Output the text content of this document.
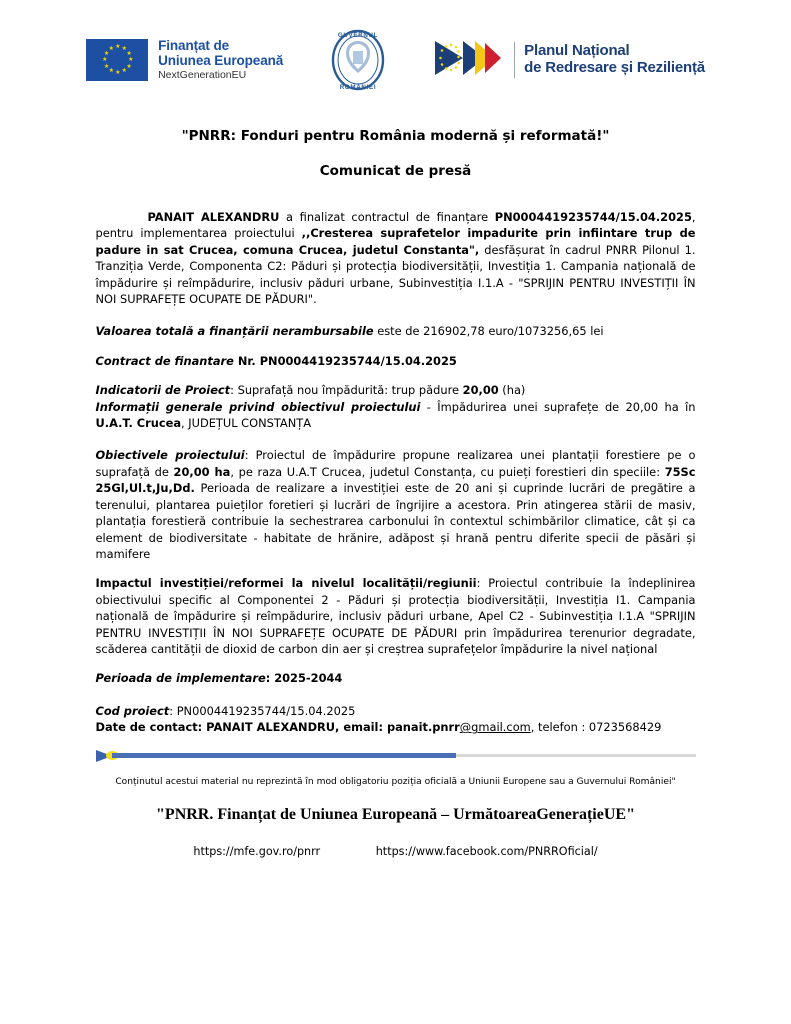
★
★
★
★
★
★
★
★
★
★
★
★
Finanțat de
Uniunea Europeană
NextGenerationEU
GUVERNUL
ROMÂNIEI
Planul Național
de Redresare și Reziliență
"PNRR: Fonduri pentru România modernă și reformată!"
Comunicat de presă

PANAIT ALEXANDRU a finalizat contractul de finanțare PN0004419235744/15.04.2025, pentru implementarea proiectului ,,Cresterea suprafetelor impadurite prin infiintare trup de padure in sat Crucea, comuna Crucea, judetul Constanta", desfășurat în cadrul PNRR Pilonul 1. Tranziția Verde, Componenta C2: Păduri și protecția biodiversității, Investiția 1. Campania națională de împădurire și reîmpădurire, inclusiv păduri urbane, Subinvestiția I.1.A - "SPRIJIN PENTRU INVESTIȚII ÎN NOI SUPRAFEȚE OCUPATE DE PĂDURI".

Valoarea totală a finanțării nerambursabile este de 216902,78 euro/1073256,65 lei

Contract de finantare Nr. PN0004419235744/15.04.2025

Indicatorii de Proiect: Suprafață nou împădurită: trup pădure 20,00 (ha)

Informații generale privind obiectivul proiectului - Împădurirea unei suprafețe de 20,00 ha în U.A.T. Crucea, JUDEȚUL CONSTANȚA

Obiectivele proiectului: Proiectul de împădurire propune realizarea unei plantații forestiere pe o suprafață de 20,00 ha, pe raza U.A.T Crucea, judetul Constanța, cu puieți forestieri din speciile: 75Sc 25Gl,Ul.t,Ju,Dd. Perioada de realizare a investiției este de 20 ani și cuprinde lucrări de pregătire a terenului, plantarea puieților foretieri și lucrări de îngrijire a acestora. Prin atingerea stării de masiv, plantația forestieră contribuie la sechestrarea carbonului în contextul schimbărilor climatice, cât și ca element de biodiversitate - habitate de hrănire, adăpost și hrană pentru diferite specii de păsări și mamifere

Impactul investiției/reformei la nivelul localității/regiunii: Proiectul contribuie la îndeplinirea obiectivului specific al Componentei 2 - Păduri și protecția biodiversității, Investiția I1. Campania națională de împădurire și reîmpădurire, inclusiv păduri urbane, Apel C2 - Subinvestiția I.1.A "SPRIJIN PENTRU INVESTIȚII ÎN NOI SUPRAFEȚE OCUPATE DE PĂDURI prin împădurirea terenurior degradate, scăderea cantității de dioxid de carbon din aer și creștrea suprafețelor împădurire la nivel național

Perioada de implementare: 2025-2044

Cod proiect: PN0004419235744/15.04.2025

Date de contact: PANAIT ALEXANDRU, email: panait.pnrr@gmail.com, telefon : 0723568429

Conținutul acestui material nu reprezintă în mod obligatoriu poziția oficială a Uniunii Europene sau a Guvernului României"
"PNRR. Finanțat de Uniunea Europeană – UrmătoareaGenerațieUE"
https://mfe.gov.ro/pnrr	https://www.facebook.com/PNRROficial/
